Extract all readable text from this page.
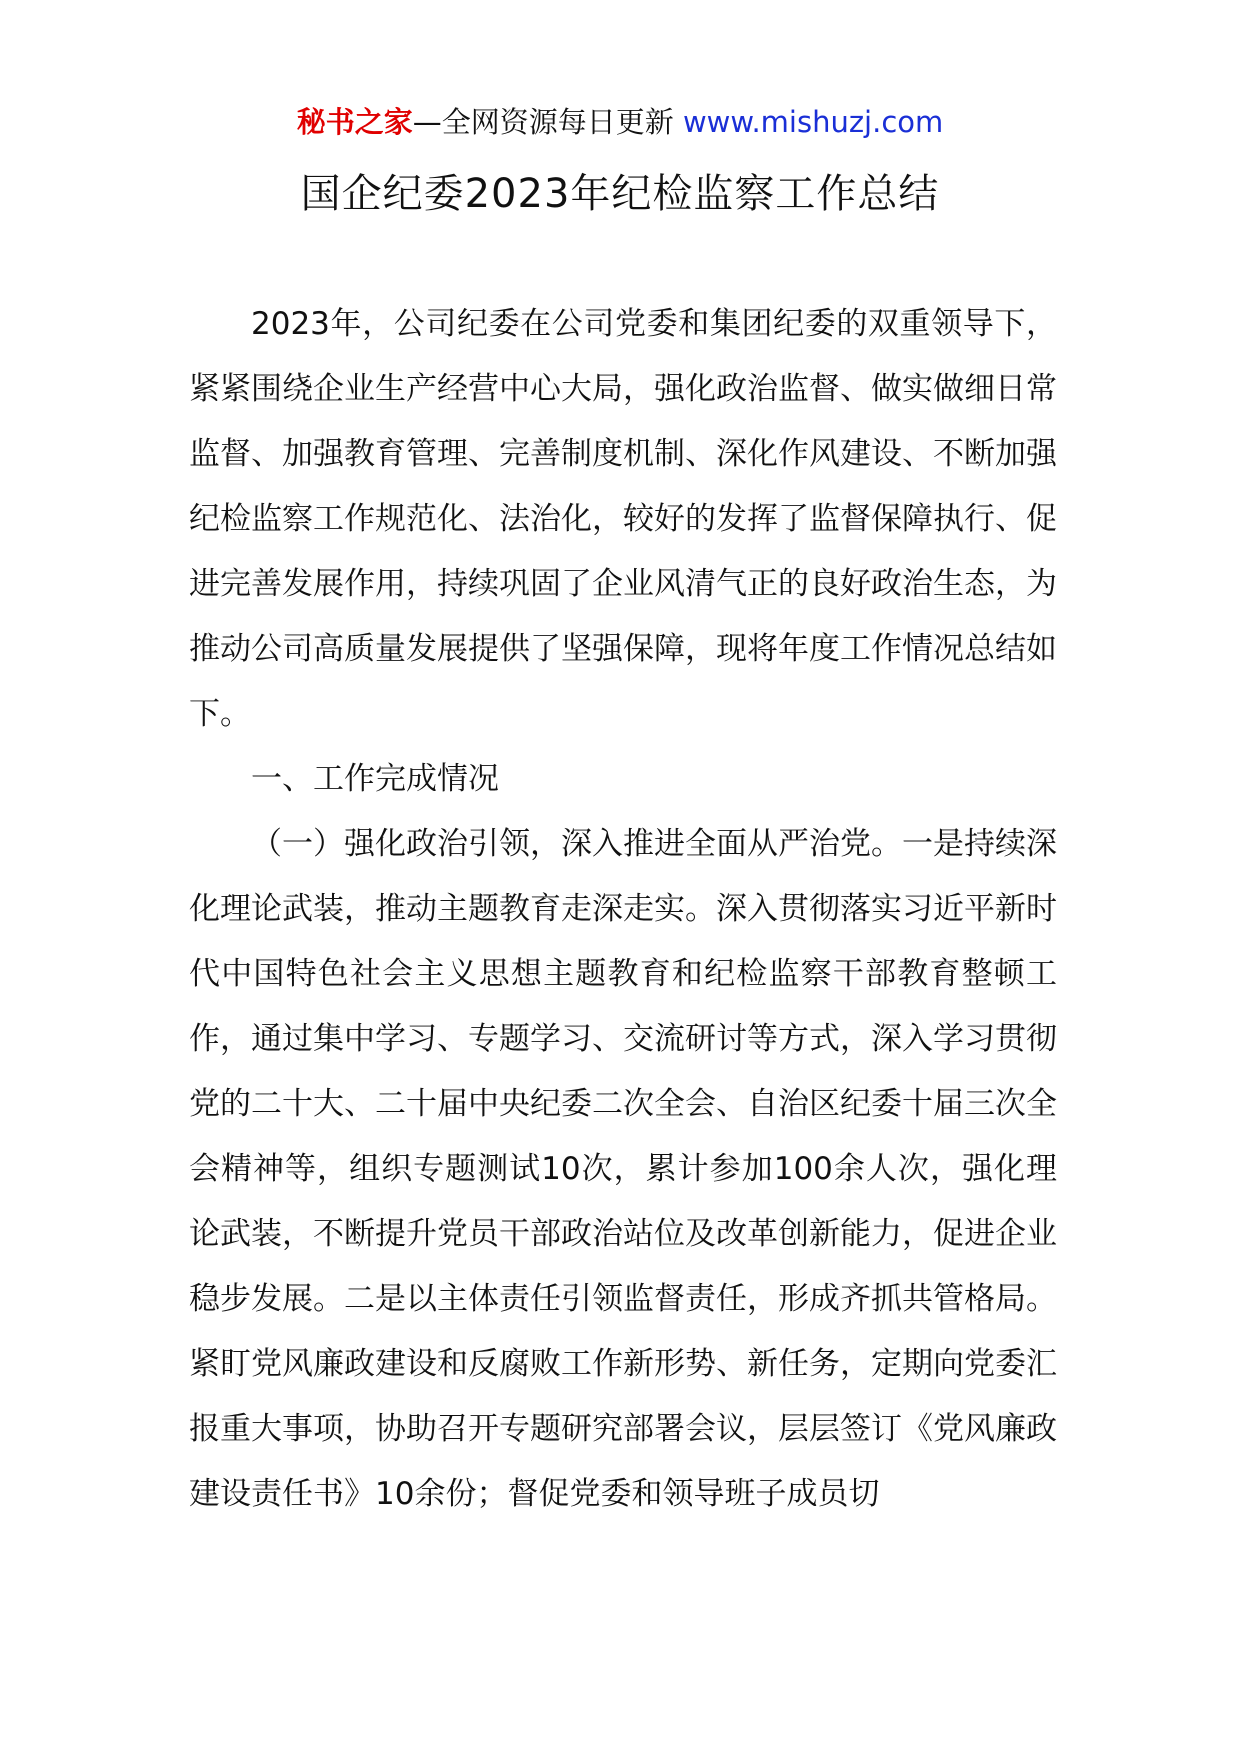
秘书之家—全网资源每日更新 www.mishuzj.com
国企纪委2023年纪检监察工作总结

2023年，公司纪委在公司党委和集团纪委的双重领导下，紧紧围绕企业生产经营中心大局，强化政治监督、做实做细日常监督、加强教育管理、完善制度机制、深化作风建设、不断加强纪检监察工作规范化、法治化，较好的发挥了监督保障执行、促进完善发展作用，持续巩固了企业风清气正的良好政治生态，为推动公司高质量发展提供了坚强保障，现将年度工作情况总结如下。

一、工作完成情况

（一）强化政治引领，深入推进全面从严治党。一是持续深化理论武装，推动主题教育走深走实。深入贯彻落实习近平新时代中国特色社会主义思想主题教育和纪检监察干部教育整顿工作，通过集中学习、专题学习、交流研讨等方式，深入学习贯彻党的二十大、二十届中央纪委二次全会、自治区纪委十届三次全会精神等，组织专题测试10次，累计参加100余人次，强化理论武装，不断提升党员干部政治站位及改革创新能力，促进企业稳步发展。二是以主体责任引领监督责任，形成齐抓共管格局。紧盯党风廉政建设和反腐败工作新形势、新任务，定期向党委汇报重大事项，协助召开专题研究部署会议，层层签订《党风廉政建设责任书》10余份；督促党委和领导班子成员切
